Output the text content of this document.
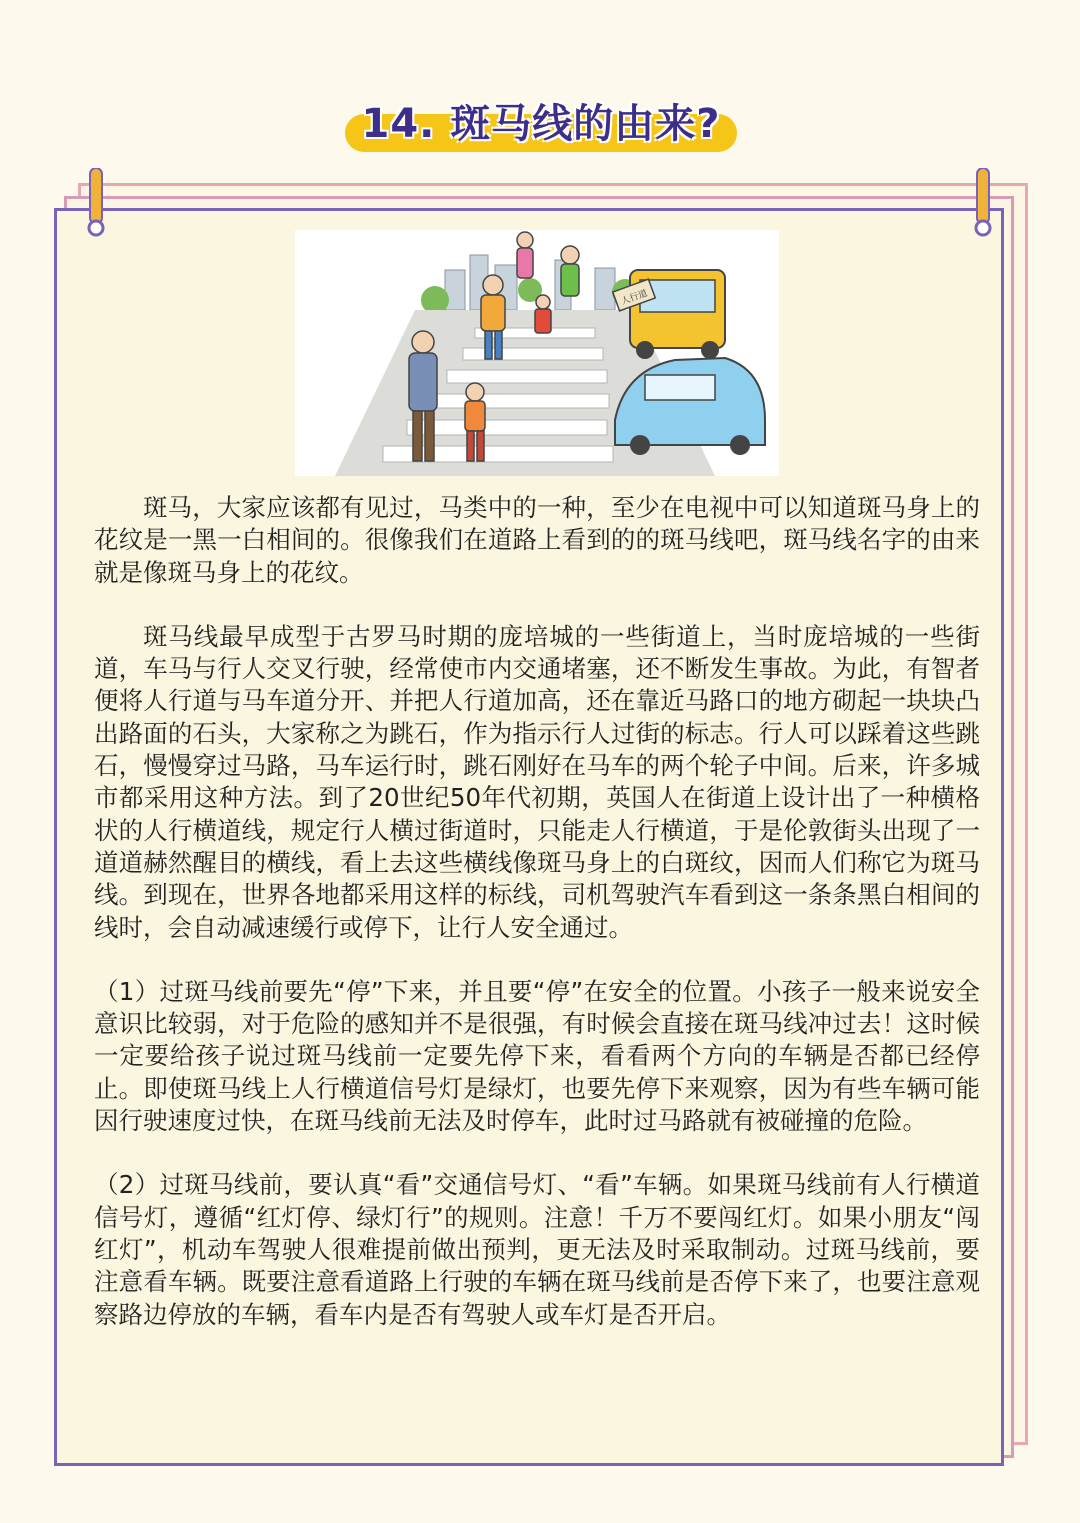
14. 斑马线的由来?
人行道

斑马，大家应该都有见过，马类中的一种，至少在电视中可以知道斑马身上的花纹是一黑一白相间的。很像我们在道路上看到的的斑马线吧，斑马线名字的由来就是像斑马身上的花纹。

斑马线最早成型于古罗马时期的庞培城的一些街道上，当时庞培城的一些街道，车马与行人交叉行驶，经常使市内交通堵塞，还不断发生事故。为此，有智者便将人行道与马车道分开、并把人行道加高，还在靠近马路口的地方砌起一块块凸出路面的石头，大家称之为跳石，作为指示行人过街的标志。行人可以踩着这些跳石，慢慢穿过马路，马车运行时，跳石刚好在马车的两个轮子中间。后来，许多城市都采用这种方法。到了20世纪50年代初期，英国人在街道上设计出了一种横格状的人行横道线，规定行人横过街道时，只能走人行横道，于是伦敦街头出现了一道道赫然醒目的横线，看上去这些横线像斑马身上的白斑纹，因而人们称它为斑马线。到现在，世界各地都采用这样的标线，司机驾驶汽车看到这一条条黑白相间的线时，会自动减速缓行或停下，让行人安全通过。

（1）过斑马线前要先“停”下来，并且要“停”在安全的位置。小孩子一般来说安全意识比较弱，对于危险的感知并不是很强，有时候会直接在斑马线冲过去！这时候一定要给孩子说过斑马线前一定要先停下来，看看两个方向的车辆是否都已经停止。即使斑马线上人行横道信号灯是绿灯，也要先停下来观察，因为有些车辆可能因行驶速度过快，在斑马线前无法及时停车，此时过马路就有被碰撞的危险。

（2）过斑马线前，要认真“看”交通信号灯、“看”车辆。如果斑马线前有人行横道信号灯，遵循“红灯停、绿灯行”的规则。注意！千万不要闯红灯。如果小朋友“闯红灯”，机动车驾驶人很难提前做出预判，更无法及时采取制动。过斑马线前，要注意看车辆。既要注意看道路上行驶的车辆在斑马线前是否停下来了，也要注意观察路边停放的车辆，看车内是否有驾驶人或车灯是否开启。
